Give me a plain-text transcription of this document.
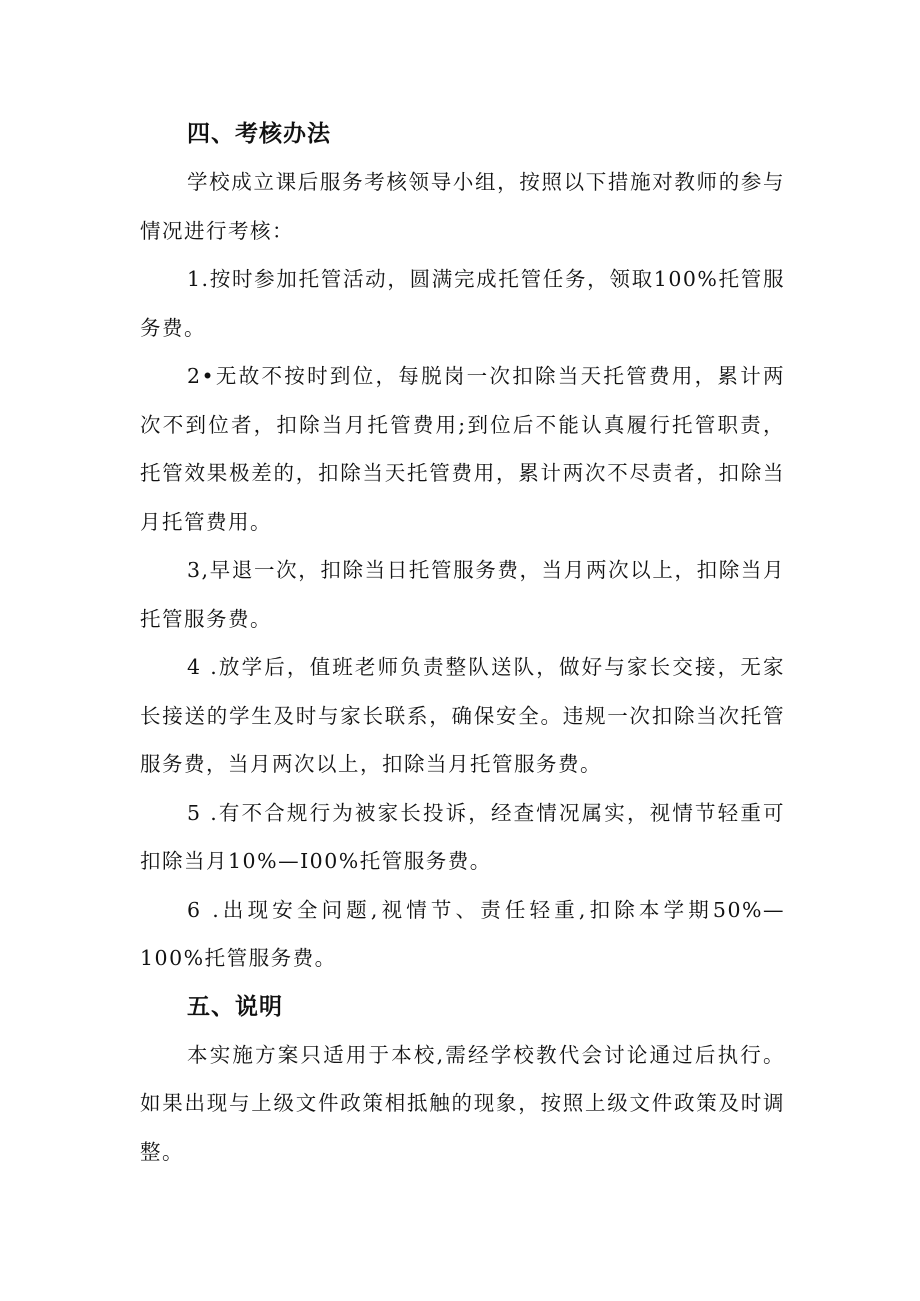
四、考核办法

学校成立课后服务考核领导小组，按照以下措施对教师的参与情况进行考核：

1.按时参加托管活动，圆满完成托管任务，领取100%托管服务费。

2•无故不按时到位，每脱岗一次扣除当天托管费用，累计两次不到位者，扣除当月托管费用;到位后不能认真履行托管职责，托管效果极差的，扣除当天托管费用，累计两次不尽责者，扣除当月托管费用。

3,早退一次，扣除当日托管服务费，当月两次以上，扣除当月托管服务费。

4 .放学后，值班老师负责整队送队，做好与家长交接，无家长接送的学生及时与家长联系，确保安全。违规一次扣除当次托管服务费，当月两次以上，扣除当月托管服务费。

5 .有不合规行为被家长投诉，经查情况属实，视情节轻重可扣除当月10%—I00%托管服务费。

6 .出现安全问题,视情节、责任轻重,扣除本学期50%—100%托管服务费。

五、说明

本实施方案只适用于本校,需经学校教代会讨论通过后执行。如果出现与上级文件政策相抵触的现象，按照上级文件政策及时调整。
